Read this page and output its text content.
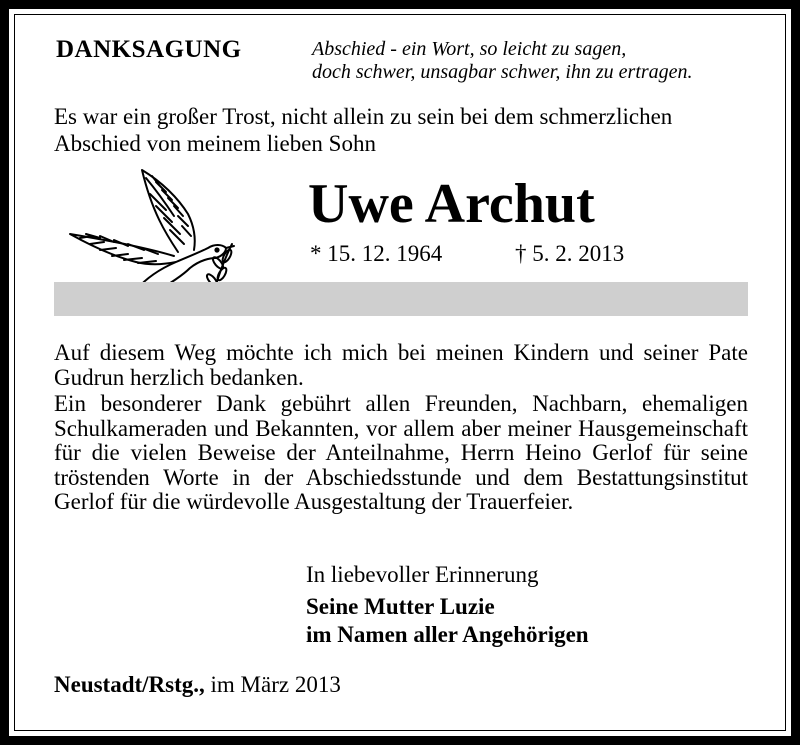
DANKSAGUNG	Abschied - ein Wort, so leicht zu sagen,
doch schwer, unsagbar schwer, ihn zu ertragen.
Es war ein großer Trost, nicht allein zu sein bei dem schmerzlichen
Abschied von meinem lieben Sohn
Uwe Archut
* 15. 12. 1964	† 5. 2. 2013
Auf diesem Weg möchte ich mich bei meinen Kindern und seiner Pate Gudrun herzlich bedanken.
Ein besonderer Dank gebührt allen Freunden, Nachbarn, ehemaligen Schulkameraden und Bekannten, vor allem aber meiner Hausgemeinschaft für die vielen Beweise der Anteilnahme, Herrn Heino Gerlof für seine tröstenden Worte in der Abschiedsstunde und dem Bestattungsinstitut Gerlof für die würdevolle Ausgestaltung der Trauerfeier.
In liebevoller Erinnerung
Seine Mutter Luzie
im Namen aller Angehörigen
Neustadt/Rstg., im März 2013
